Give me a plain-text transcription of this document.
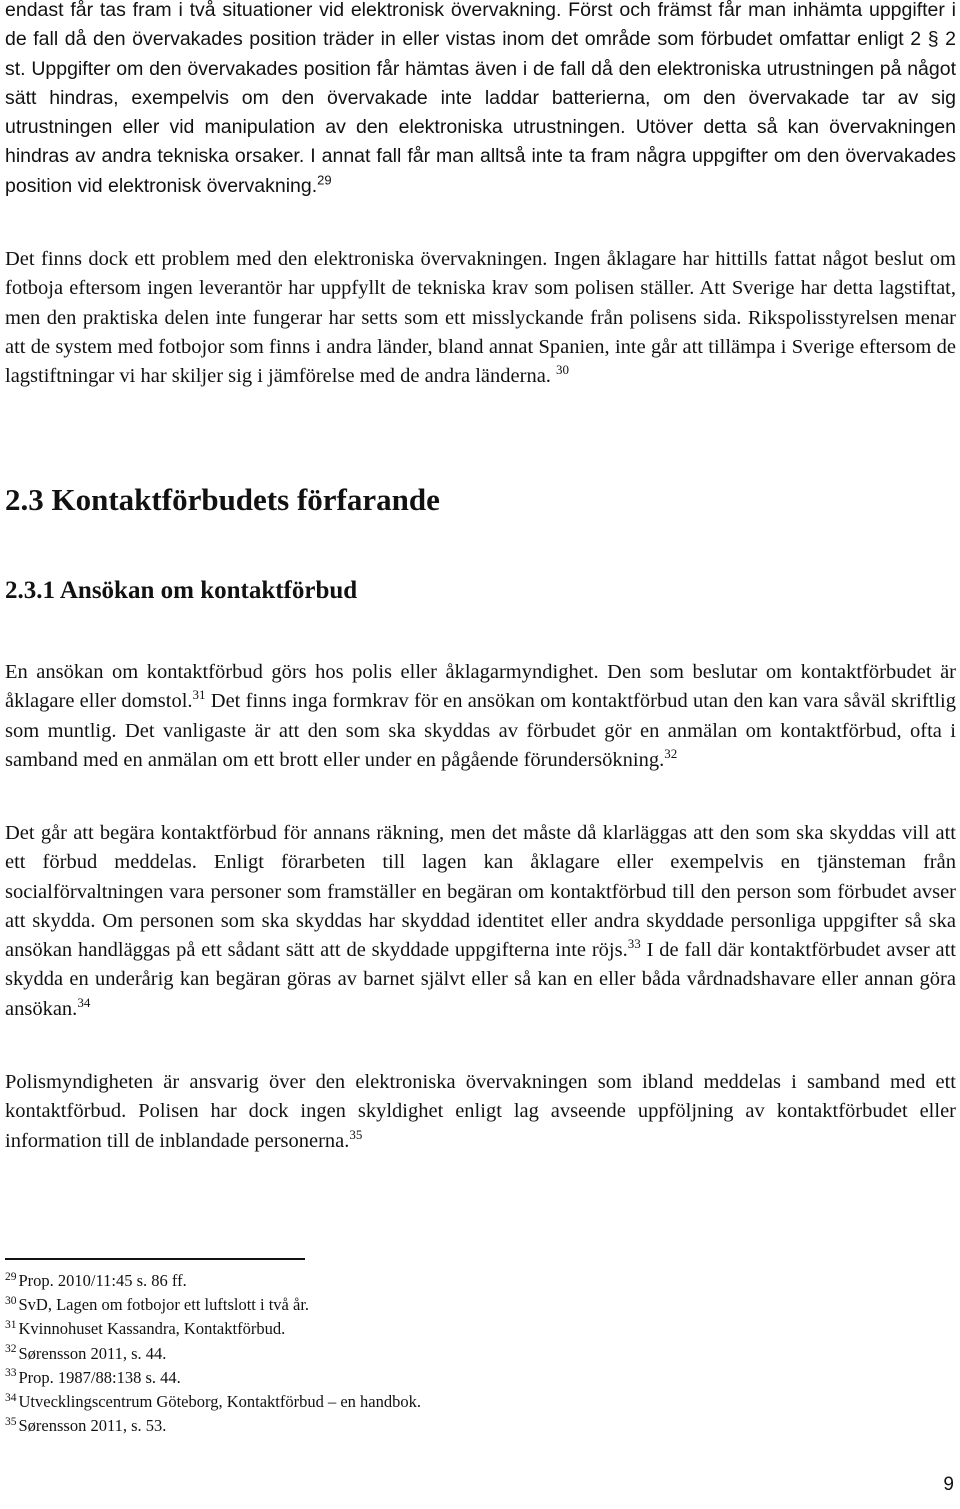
endast får tas fram i två situationer vid elektronisk övervakning. Först och främst får man inhämta uppgifter i de fall då den övervakades position träder in eller vistas inom det område som förbudet omfattar enligt 2 § 2 st. Uppgifter om den övervakades position får hämtas även i de fall då den elektroniska utrustningen på något sätt hindras, exempelvis om den övervakade inte laddar batterierna, om den övervakade tar av sig utrustningen eller vid manipulation av den elektroniska utrustningen. Utöver detta så kan övervakningen hindras av andra tekniska orsaker. I annat fall får man alltså inte ta fram några uppgifter om den övervakades position vid elektronisk övervakning.$^{29}$

Det finns dock ett problem med den elektroniska övervakningen. Ingen åklagare har hittills fattat något beslut om fotboja eftersom ingen leverantör har uppfyllt de tekniska krav som polisen ställer. Att Sverige har detta lagstiftat, men den praktiska delen inte fungerar har setts som ett misslyckande från polisens sida. Rikspolisstyrelsen menar att de system med fotbojor som finns i andra länder, bland annat Spanien, inte går att tillämpa i Sverige eftersom de lagstiftningar vi har skiljer sig i jämförelse med de andra länderna. $^{30}$

2.3 Kontaktförbudets förfarande
2.3.1 Ansökan om kontaktförbud

En ansökan om kontaktförbud görs hos polis eller åklagarmyndighet. Den som beslutar om kontaktförbudet är åklagare eller domstol.$^{31}$ Det finns inga formkrav för en ansökan om kontaktförbud utan den kan vara såväl skriftlig som muntlig. Det vanligaste är att den som ska skyddas av förbudet gör en anmälan om kontaktförbud, ofta i samband med en anmälan om ett brott eller under en pågående förundersökning.$^{32}$

Det går att begära kontaktförbud för annans räkning, men det måste då klarläggas att den som ska skyddas vill att ett förbud meddelas. Enligt förarbeten till lagen kan åklagare eller exempelvis en tjänsteman från socialförvaltningen vara personer som framställer en begäran om kontaktförbud till den person som förbudet avser att skydda. Om personen som ska skyddas har skyddad identitet eller andra skyddade personliga uppgifter så ska ansökan handläggas på ett sådant sätt att de skyddade uppgifterna inte röjs.$^{33}$ I de fall där kontaktförbudet avser att skydda en underårig kan begäran göras av barnet självt eller så kan en eller båda vårdnadshavare eller annan göra ansökan.$^{34}$

Polismyndigheten är ansvarig över den elektroniska övervakningen som ibland meddelas i samband med ett kontaktförbud. Polisen har dock ingen skyldighet enligt lag avseende uppföljning av kontaktförbudet eller information till de inblandade personerna.$^{35}$

$^{29}$ Prop. 2010/11:45 s. 86 ff.
$^{30}$ SvD, Lagen om fotbojor ett luftslott i två år.
$^{31}$ Kvinnohuset Kassandra, Kontaktförbud.
$^{32}$ Sørensson 2011, s. 44.
$^{33}$ Prop. 1987/88:138 s. 44.
$^{34}$ Utvecklingscentrum Göteborg, Kontaktförbud – en handbok.
$^{35}$ Sørensson 2011, s. 53.
9
